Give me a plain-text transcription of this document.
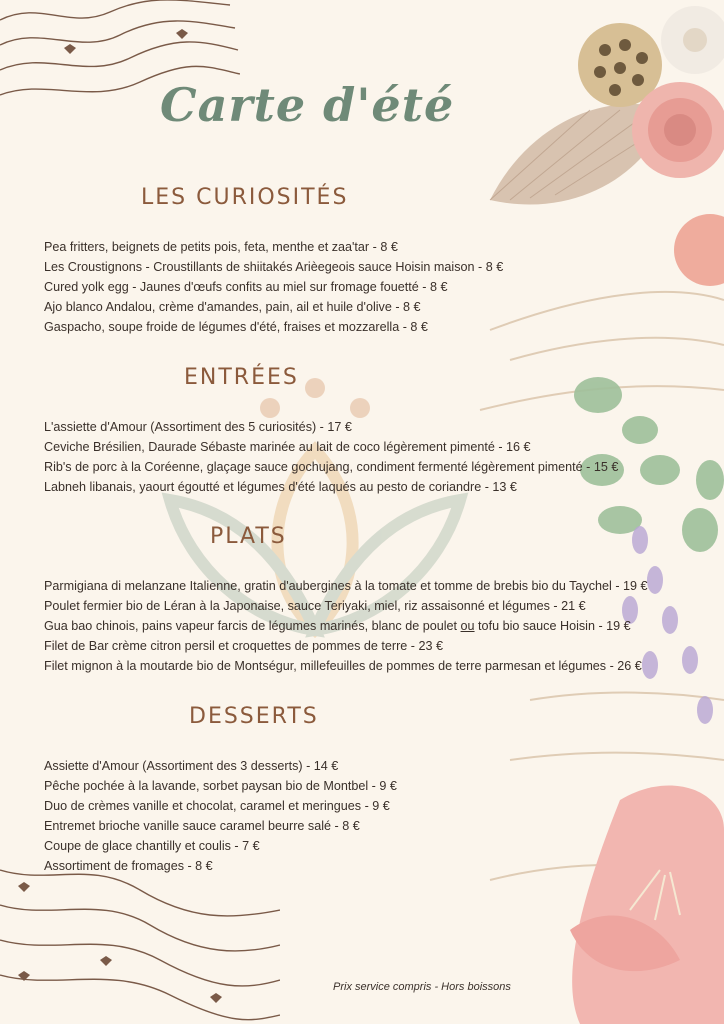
Carte d'été
LES CURIOSITÉS
Pea fritters, beignets de petits pois, feta, menthe et zaa'tar - 8 €
Les Croustignons - Croustillants de shiitakés Arièegeois sauce Hoisin maison - 8 €
Cured yolk egg - Jaunes d'œufs confits au miel sur fromage fouetté - 8 €
Ajo blanco Andalou, crème d'amandes, pain, ail et huile d'olive - 8 €
Gaspacho, soupe froide de légumes d'été, fraises et mozzarella - 8 €
ENTRÉES
L'assiette d'Amour (Assortiment des 5 curiosités) - 17 €
Ceviche Brésilien, Daurade Sébaste marinée au lait de coco légèrement pimenté - 16 €
Rib's de porc à la Coréenne, glaçage sauce gochujang, condiment fermenté légèrement pimenté - 15 €
Labneh libanais, yaourt égoutté et légumes d'été laqués au pesto de coriandre - 13 €
PLATS
Parmigiana di melanzane Italienne, gratin d'aubergines à la tomate et tomme de brebis bio du Taychel - 19 €
Poulet fermier bio de Léran à la Japonaise, sauce Teriyaki, miel, riz assaisonné et légumes - 21 €
Gua bao chinois, pains vapeur farcis de légumes marinés, blanc de poulet ou tofu bio sauce Hoisin - 19 €
Filet de Bar crème citron persil et croquettes de pommes de terre - 23 €
Filet mignon à la moutarde bio de Montségur, millefeuilles de pommes de terre parmesan et légumes - 26 €
DESSERTS
Assiette d'Amour (Assortiment des 3 desserts) - 14 €
Pêche pochée à la lavande, sorbet paysan bio de Montbel - 9 €
Duo de crèmes vanille et chocolat, caramel et meringues - 9 €
Entremet brioche vanille sauce caramel beurre salé - 8 €
Coupe de glace chantilly et coulis - 7 €
Assortiment de fromages - 8 €
Prix service compris - Hors boissons
